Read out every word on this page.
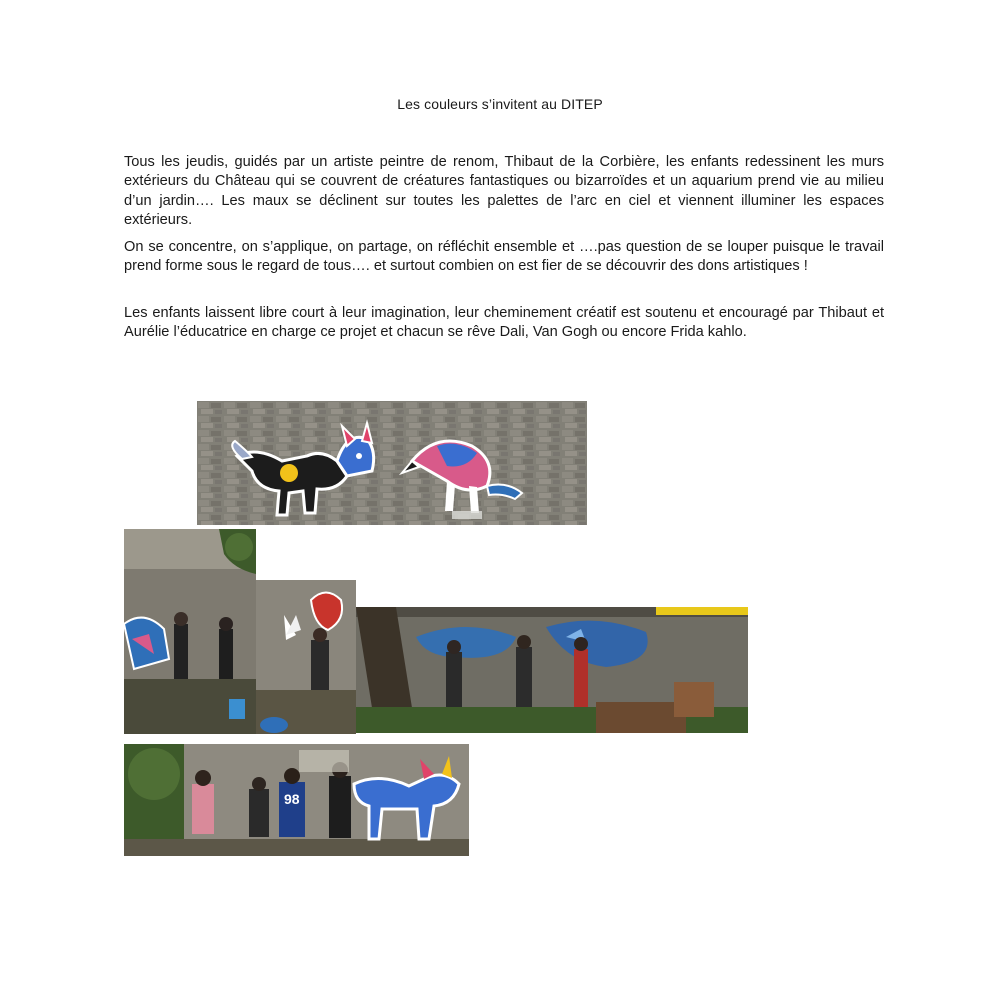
Les couleurs s’invitent au DITEP

Tous les jeudis, guidés par un artiste peintre de renom, Thibaut de la Corbière, les enfants redessinent les murs extérieurs du Château qui se couvrent de créatures fantastiques ou bizarroïdes et un aquarium prend vie au milieu d’un jardin…. Les maux se déclinent sur toutes les palettes de l’arc en ciel et viennent illuminer les espaces extérieurs.

On se concentre, on s’applique, on partage, on réfléchit ensemble et ….pas question de se louper puisque le travail prend forme sous le regard de tous…. et surtout combien on est fier de se découvrir des dons artistiques !

Les enfants laissent libre court à leur imagination, leur cheminement créatif est soutenu et encouragé par Thibaut et Aurélie l’éducatrice en charge ce projet et chacun se rêve Dali, Van Gogh ou encore Frida kahlo.

98
